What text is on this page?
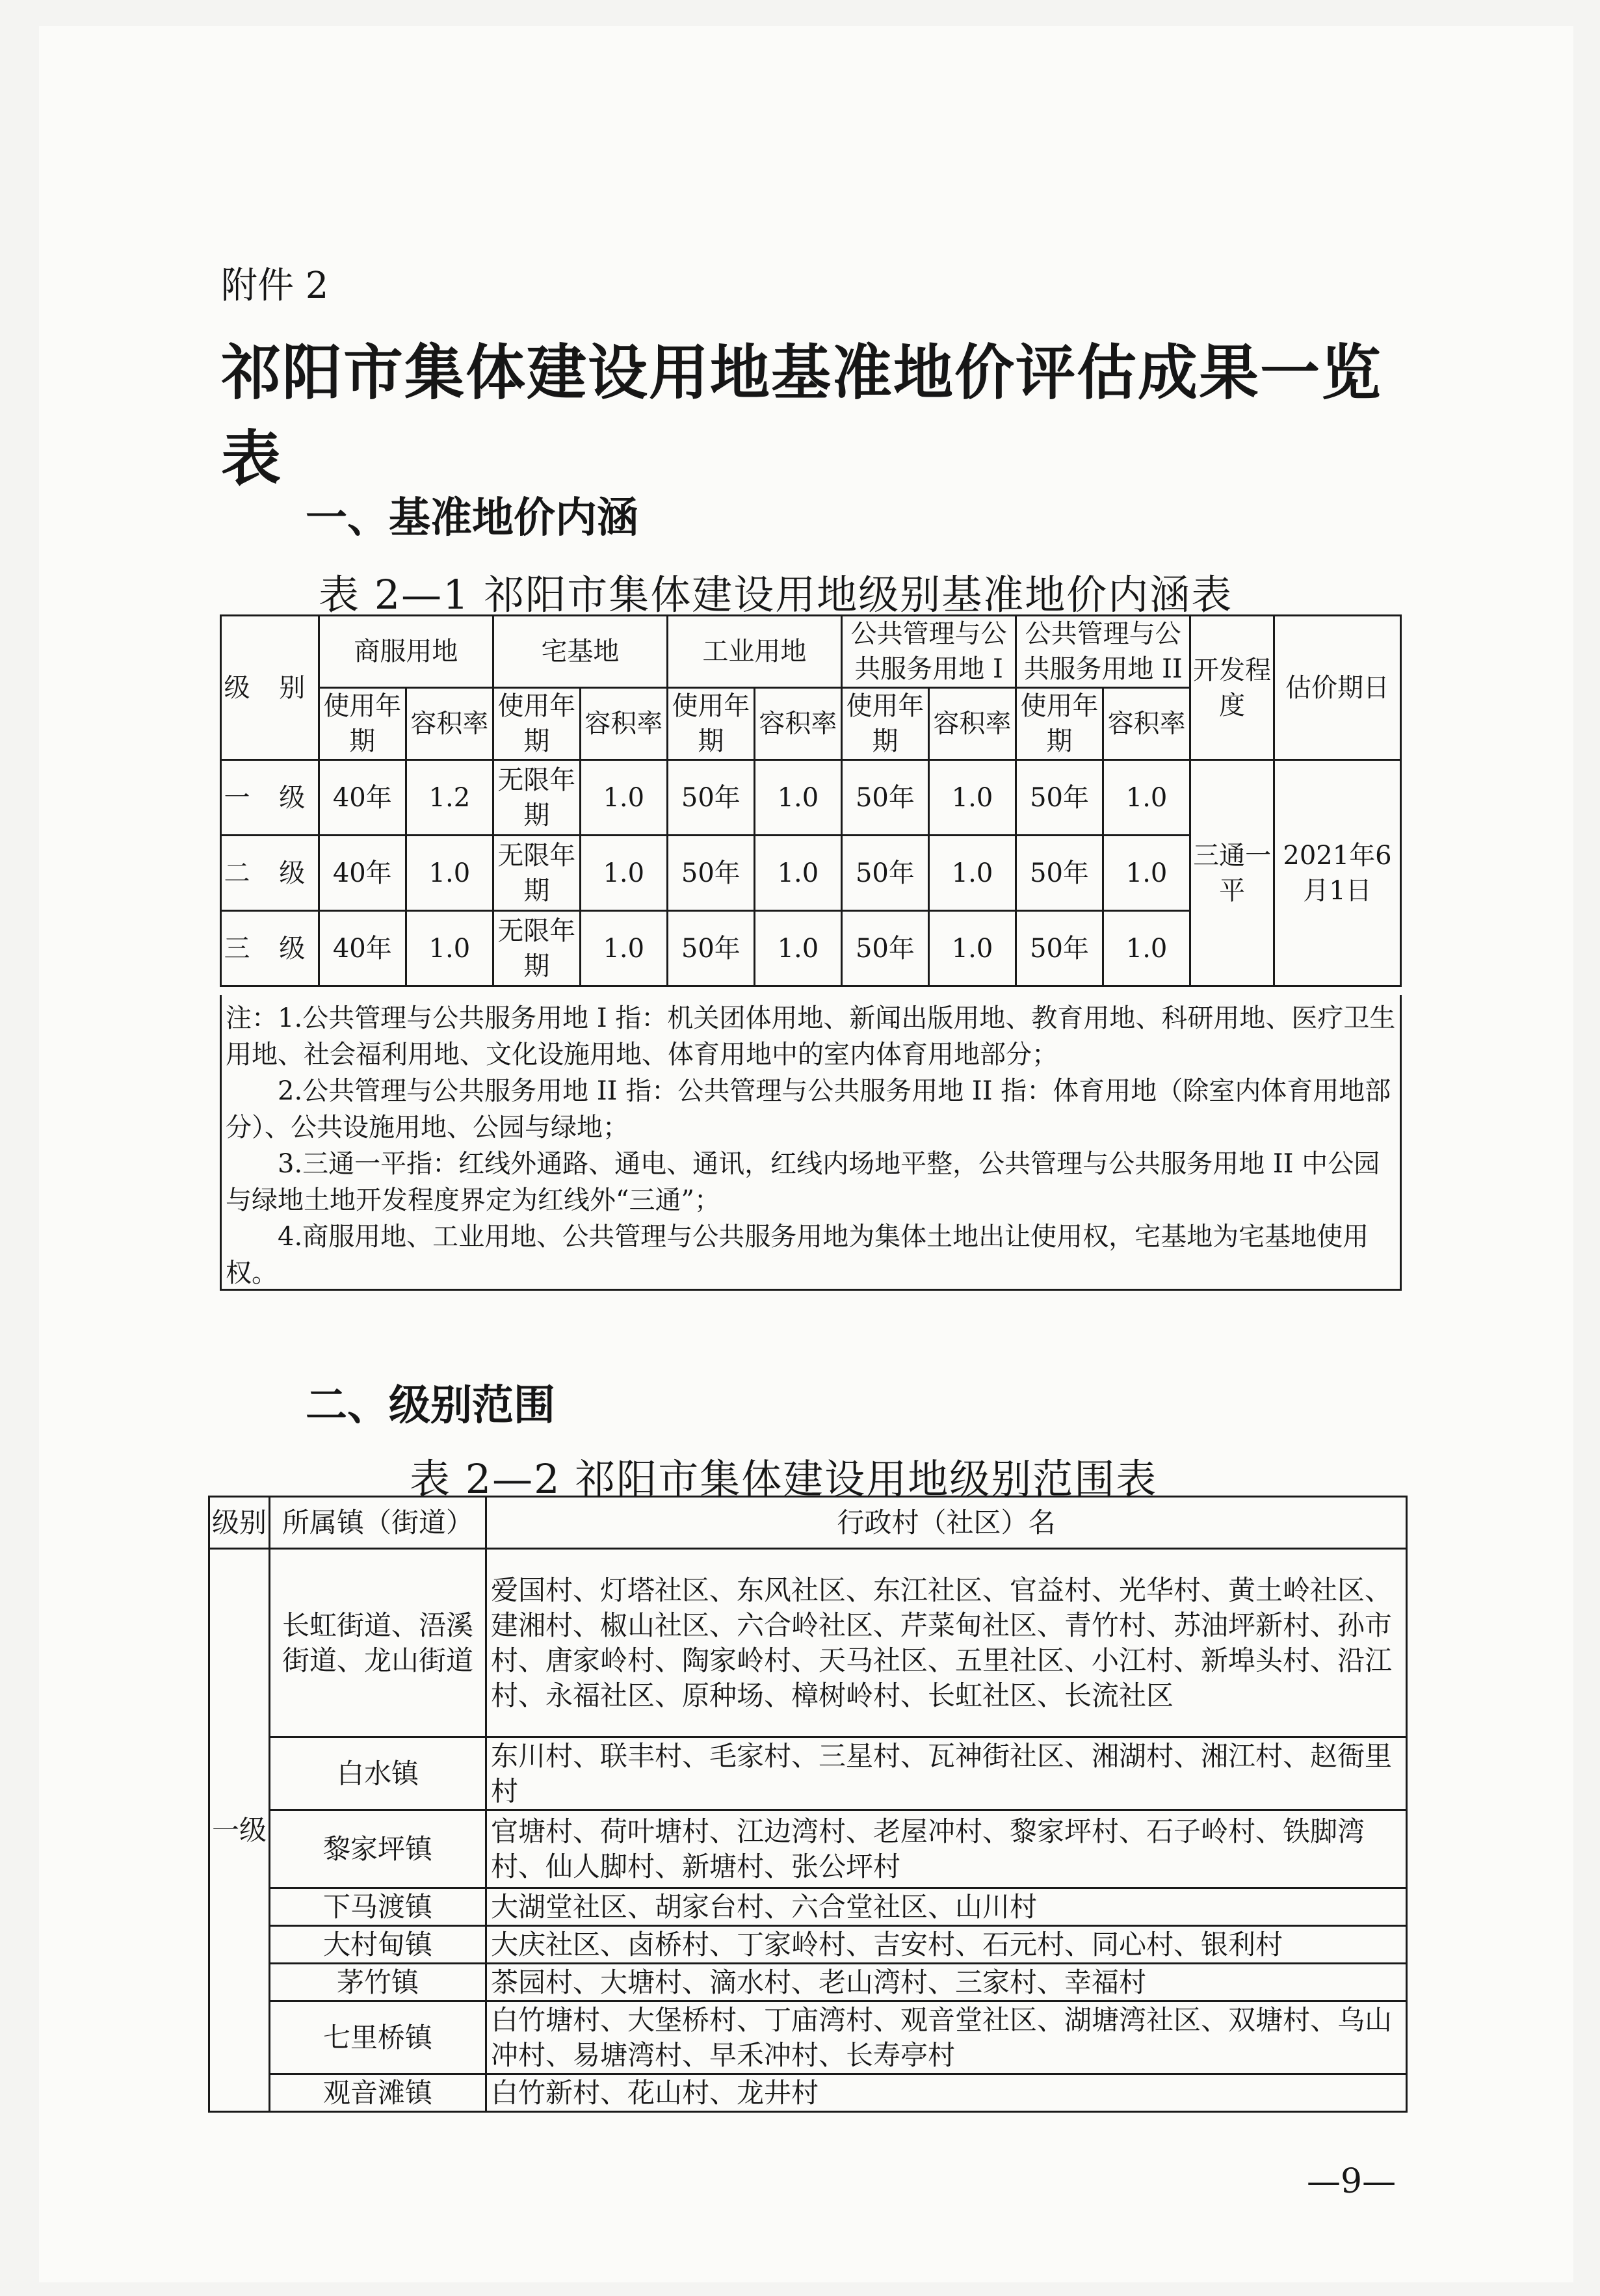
附件 2
祁阳市集体建设用地基准地价评估成果一览表
一、基准地价内涵
表 2—1 祁阳市集体建设用地级别基准地价内涵表
级 别	商服用地		宅基地		工业用地		公共管理与公共服务用地 I		公共管理与公共服务用地 II		开发程度	估价期日
	使用年期	容积率	使用年期	容积率	使用年期	容积率	使用年期	容积率	使用年期	容积率		
一 级	40年	1.2	无限年期	1.0	50年	1.0	50年	1.0	50年	1.0	三通一平	2021年6月1日
二 级	40年	1.0	无限年期	1.0	50年	1.0	50年	1.0	50年	1.0		
三 级	40年	1.0	无限年期	1.0	50年	1.0	50年	1.0	50年	1.0		

注：1.公共管理与公共服务用地 I 指：机关团体用地、新闻出版用地、教育用地、科研用地、医疗卫生用地、社会福利用地、文化设施用地、体育用地中的室内体育用地部分；

2.公共管理与公共服务用地 II 指：公共管理与公共服务用地 II 指：体育用地（除室内体育用地部分）、公共设施用地、公园与绿地；

3.三通一平指：红线外通路、通电、通讯，红线内场地平整，公共管理与公共服务用地 II 中公园与绿地土地开发程度界定为红线外“三通”；

4.商服用地、工业用地、公共管理与公共服务用地为集体土地出让使用权，宅基地为宅基地使用权。

二、级别范围
表 2—2 祁阳市集体建设用地级别范围表
级别	所属镇（街道）	行政村（社区）名
一级	长虹街道、浯溪街道、龙山街道	爱国村、灯塔社区、东风社区、东江社区、官益村、光华村、黄土岭社区、建湘村、椒山社区、六合岭社区、芹菜甸社区、青竹村、苏油坪新村、孙市村、唐家岭村、陶家岭村、天马社区、五里社区、小江村、新埠头村、沿江村、永福社区、原种场、樟树岭村、长虹社区、长流社区
	白水镇	东川村、联丰村、毛家村、三星村、瓦神街社区、湘湖村、湘江村、赵衙里村
	黎家坪镇	官塘村、荷叶塘村、江边湾村、老屋冲村、黎家坪村、石子岭村、铁脚湾村、仙人脚村、新塘村、张公坪村
	下马渡镇	大湖堂社区、胡家台村、六合堂社区、山川村
	大村甸镇	大庆社区、卤桥村、丁家岭村、吉安村、石元村、同心村、银利村
	茅竹镇	茶园村、大塘村、滴水村、老山湾村、三家村、幸福村
	七里桥镇	白竹塘村、大堡桥村、丁庙湾村、观音堂社区、湖塘湾社区、双塘村、乌山冲村、易塘湾村、早禾冲村、长寿亭村
	观音滩镇	白竹新村、花山村、龙井村
—9—
